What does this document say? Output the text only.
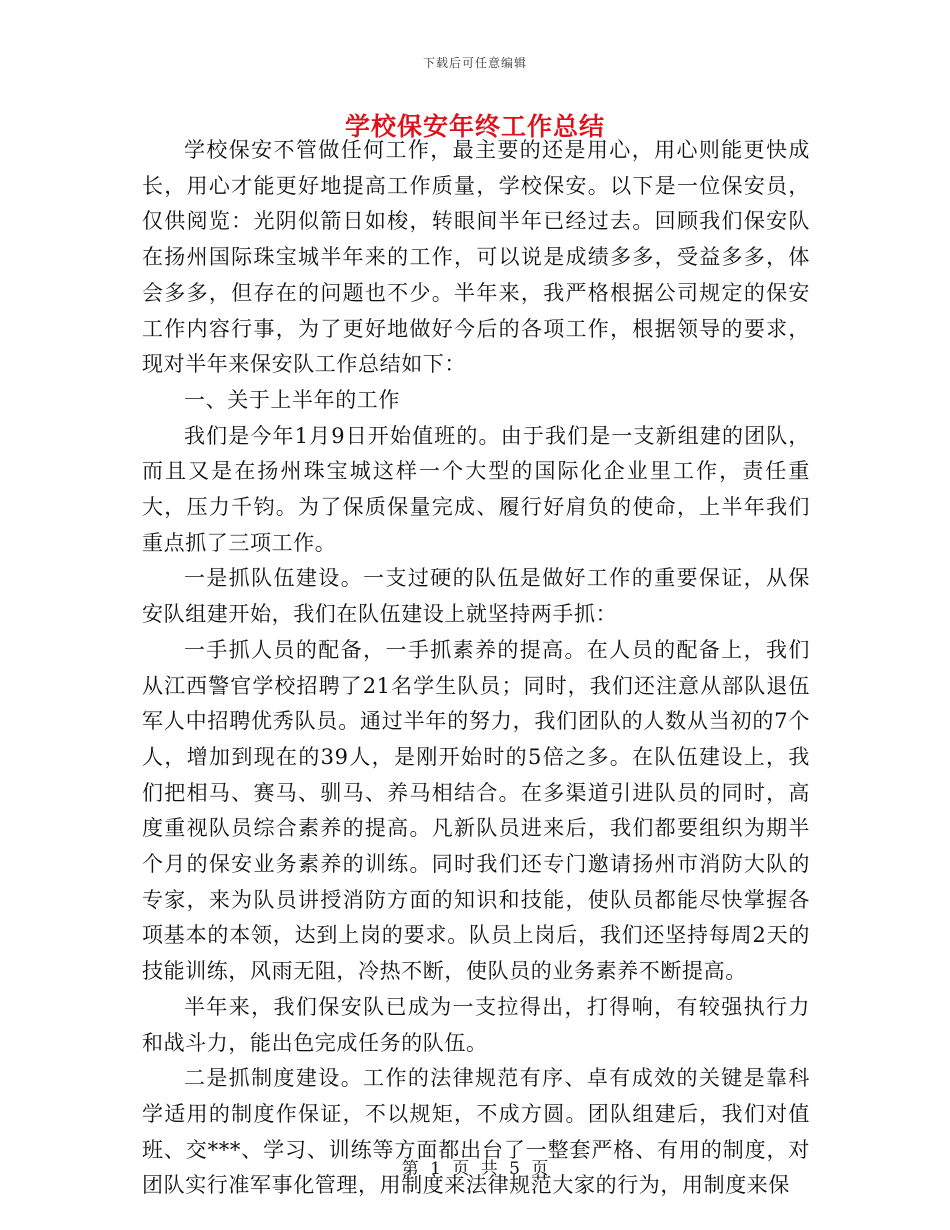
下载后可任意编辑
学校保安年终工作总结

学校保安不管做任何工作，最主要的还是用心，用心则能更快成长，用心才能更好地提高工作质量，学校保安。以下是一位保安员，仅供阅览：光阴似箭日如梭，转眼间半年已经过去。回顾我们保安队在扬州国际珠宝城半年来的工作，可以说是成绩多多，受益多多，体会多多，但存在的问题也不少。半年来，我严格根据公司规定的保安工作内容行事，为了更好地做好今后的各项工作，根据领导的要求，现对半年来保安队工作总结如下：

一、关于上半年的工作

我们是今年1月9日开始值班的。由于我们是一支新组建的团队，而且又是在扬州珠宝城这样一个大型的国际化企业里工作，责任重大，压力千钧。为了保质保量完成、履行好肩负的使命，上半年我们重点抓了三项工作。

一是抓队伍建设。一支过硬的队伍是做好工作的重要保证，从保安队组建开始，我们在队伍建设上就坚持两手抓：

一手抓人员的配备，一手抓素养的提高。在人员的配备上，我们从江西警官学校招聘了21名学生队员；同时，我们还注意从部队退伍军人中招聘优秀队员。通过半年的努力，我们团队的人数从当初的7个人，增加到现在的39人，是刚开始时的5倍之多。在队伍建设上，我们把相马、赛马、驯马、养马相结合。在多渠道引进队员的同时，高度重视队员综合素养的提高。凡新队员进来后，我们都要组织为期半个月的保安业务素养的训练。同时我们还专门邀请扬州市消防大队的专家，来为队员讲授消防方面的知识和技能，使队员都能尽快掌握各项基本的本领，达到上岗的要求。队员上岗后，我们还坚持每周2天的技能训练，风雨无阻，冷热不断，使队员的业务素养不断提高。

半年来，我们保安队已成为一支拉得出，打得响，有较强执行力和战斗力，能出色完成任务的队伍。

二是抓制度建设。工作的法律规范有序、卓有成效的关键是靠科学适用的制度作保证，不以规矩，不成方圆。团队组建后，我们对值班、交***、学习、训练等方面都出台了一整套严格、有用的制度，对团队实行准军事化管理，用制度来法律规范大家的行为，用制度来保

第 1 页 共 5 页
